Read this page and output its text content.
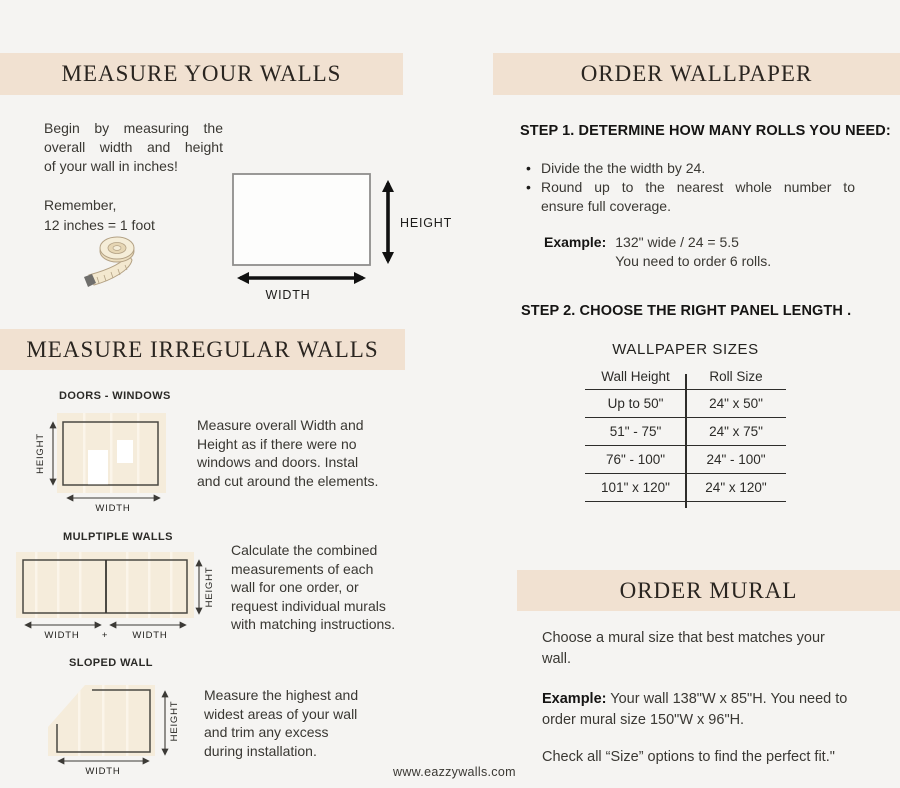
MEASURE YOUR WALLS
Begin by measuring the
overall width and height
of your wall in inches!
Remember,
12 inches = 1 foot	HEIGHT
WIDTH
MEASURE IRREGULAR WALLS
DOORS - WINDOWS
HEIGHT
WIDTH
Measure overall Width and
Height as if there were no
windows and doors. Instal
and cut around the elements.
MULPTIPLE WALLS
HEIGHT
WIDTH +	WIDTH
Calculate the combined
measurements of each
wall for one order, or
request individual murals
with matching instructions.
SLOPED WALL
HEIGHT
WIDTH
Measure the highest and
widest areas of your wall
and trim any excess
during installation.
www.eazzywalls.com
ORDER WALLPAPER
STEP 1. DETERMINE HOW MANY ROLLS YOU NEED:
• Divide the the width by 24.
• Round up to the nearest whole number to
ensure full coverage.
Example: 132" wide / 24 = 5.5
You need to order 6 rolls.
STEP 2. CHOOSE THE RIGHT PANEL LENGTH .
WALLPAPER SIZES
Wall Height	Roll Size
Up to 50"	24" x 50"
51" - 75"	24" x 75"
76" - 100"	24" - 100"
101" x 120"	24" x 120"
ORDER MURAL
Choose a mural size that best matches your
wall.
Example: Your wall 138"W x 85"H. You need to
order mural size 150"W x 96"H.
Check all “Size” options to find the perfect fit."
